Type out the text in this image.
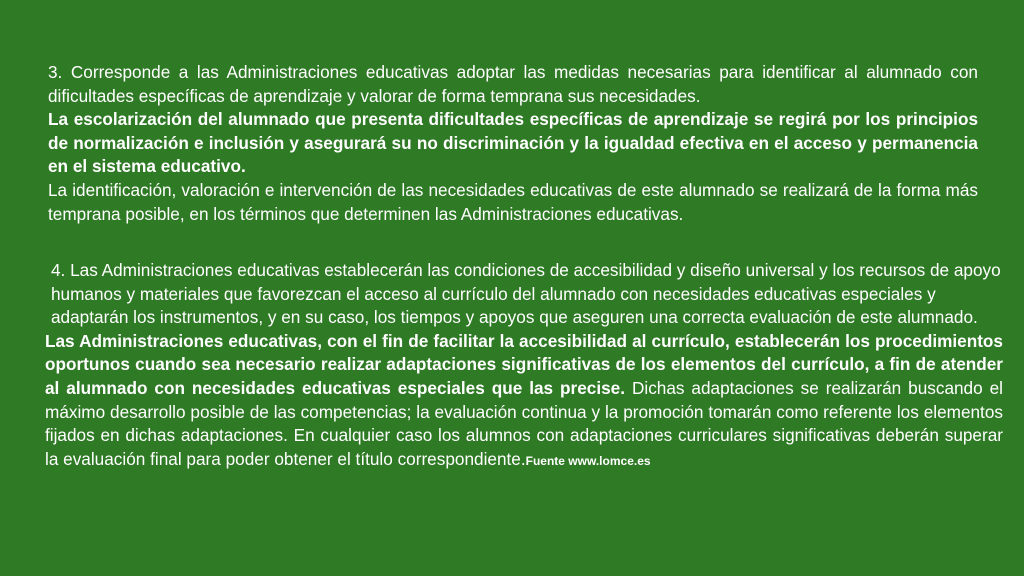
3. Corresponde a las Administraciones educativas adoptar las medidas necesarias para identificar al alumnado con dificultades específicas de aprendizaje y valorar de forma temprana sus necesidades.

La escolarización del alumnado que presenta dificultades específicas de aprendizaje se regirá por los principios de normalización e inclusión y asegurará su no discriminación y la igualdad efectiva en el acceso y permanencia en el sistema educativo.

La identificación, valoración e intervención de las necesidades educativas de este alumnado se realizará de la forma más temprana posible, en los términos que determinen las Administraciones educativas.

4. Las Administraciones educativas establecerán las condiciones de accesibilidad y diseño universal y los recursos de apoyo humanos y materiales que favorezcan el acceso al currículo del alumnado con necesidades educativas especiales y adaptarán los instrumentos, y en su caso, los tiempos y apoyos que aseguren una correcta evaluación de este alumnado.

Las Administraciones educativas, con el fin de facilitar la accesibilidad al currículo, establecerán los procedimientos oportunos cuando sea necesario realizar adaptaciones significativas de los elementos del currículo, a fin de atender al alumnado con necesidades educativas especiales que las precise. Dichas adaptaciones se realizarán buscando el máximo desarrollo posible de las competencias; la evaluación continua y la promoción tomarán como referente los elementos fijados en dichas adaptaciones. En cualquier caso los alumnos con adaptaciones curriculares significativas deberán superar la evaluación final para poder obtener el título correspondiente.Fuente www.lomce.es
